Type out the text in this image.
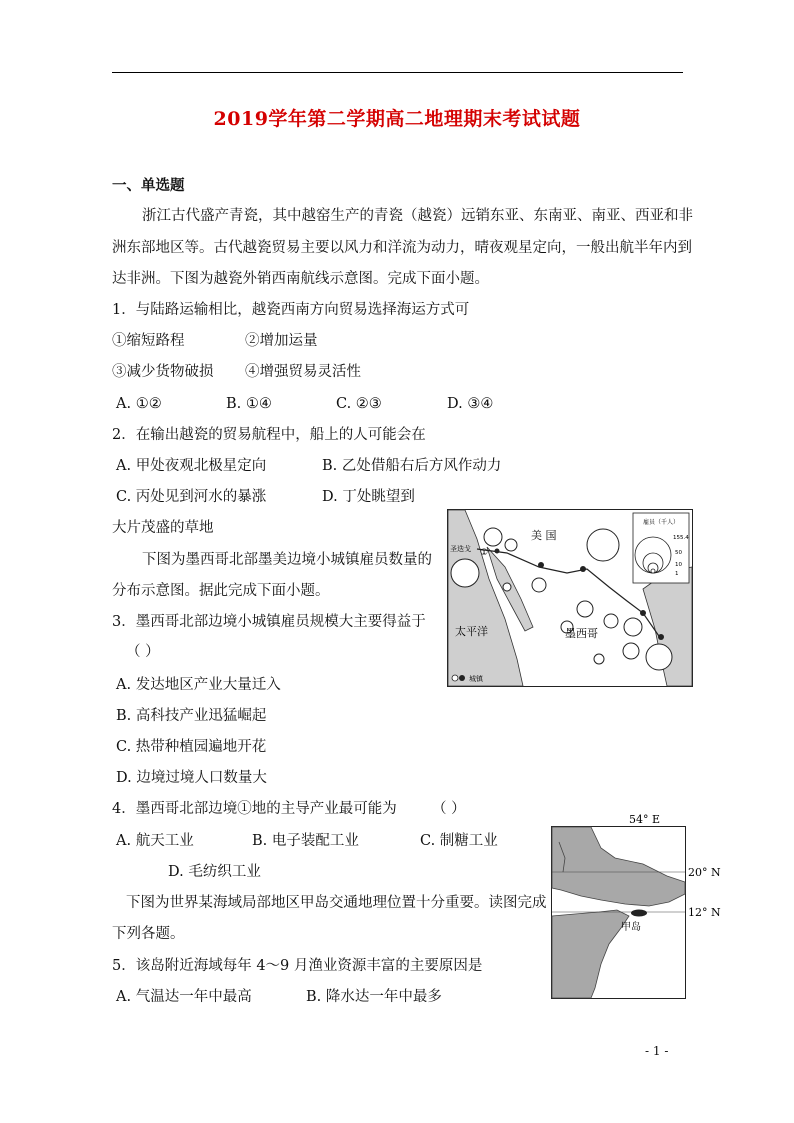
2019学年第二学期高二地理期末考试试题
一、单选题
浙江古代盛产青瓷，其中越窑生产的青瓷（越瓷）远销东亚、东南亚、南亚、西亚和非
洲东部地区等。古代越瓷贸易主要以风力和洋流为动力，晴夜观星定向，一般出航半年内到
达非洲。下图为越瓷外销西南航线示意图。完成下面小题。
1．与陆路运输相比，越瓷西南方向贸易选择海运方式可
①缩短路程	②增加运量
③减少货物破损 ④增强贸易灵活性
A. ①②	B. ①④	C. ②③	D. ③④
2．在输出越瓷的贸易航程中，船上的人可能会在
A. 甲处夜观北极星定向	B. 乙处借船右后方风作动力
C. 丙处见到河水的暴涨	D. 丁处眺望到
大片茂盛的草地
下图为墨西哥北部墨美边境小城镇雇员数量的
分布示意图。据此完成下面小题。
3．墨西哥北部边境小城镇雇员规模大主要得益于
（ ）
A. 发达地区产业大量迁入
B. 高科技产业迅猛崛起
C. 热带种植园遍地开花
D. 边境过境人口数量大
4．墨西哥北部边境①地的主导产业最可能为 （ ）
A. 航天工业	B. 电子装配工业	C. 制糖工业
D. 毛纺织工业
下图为世界某海域局部地区甲岛交通地理位置十分重要。读图完成
下列各题。
5．该岛附近海域每年 4～9 月渔业资源丰富的主要原因是
A. 气温达一年中最高	B. 降水达一年中最多
美 国
太平洋	墨西哥
圣迭戈 ①
雇员（千人）
155.4
50
10
1
城镇
54° E
20° N
12° N
甲岛
- 1 -
